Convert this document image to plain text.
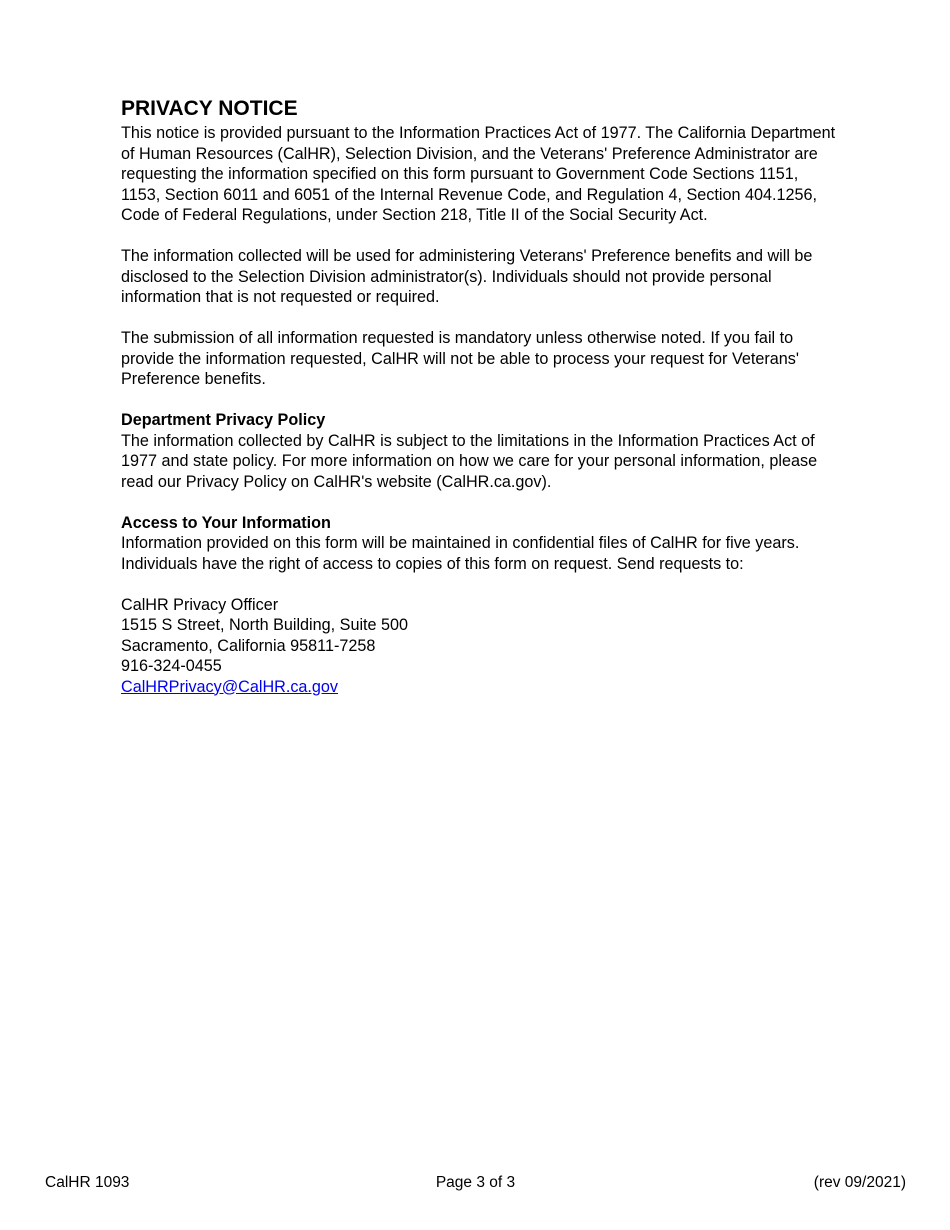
PRIVACY NOTICE

This notice is provided pursuant to the Information Practices Act of 1977. The California Department of Human Resources (CalHR), Selection Division, and the Veterans' Preference Administrator are requesting the information specified on this form pursuant to Government Code Sections 1151, 1153, Section 6011 and 6051 of the Internal Revenue Code, and Regulation 4, Section 404.1256, Code of Federal Regulations, under Section 218, Title II of the Social Security Act.

The information collected will be used for administering Veterans' Preference benefits and will be disclosed to the Selection Division administrator(s). Individuals should not provide personal information that is not requested or required.

The submission of all information requested is mandatory unless otherwise noted. If you fail to provide the information requested, CalHR will not be able to process your request for Veterans' Preference benefits.

Department Privacy Policy

The information collected by CalHR is subject to the limitations in the Information Practices Act of 1977 and state policy. For more information on how we care for your personal information, please read our Privacy Policy on CalHR's website (CalHR.ca.gov).

Access to Your Information

Information provided on this form will be maintained in confidential files of CalHR for five years. Individuals have the right of access to copies of this form on request. Send requests to:

CalHR Privacy Officer
1515 S Street, North Building, Suite 500
Sacramento, California 95811-7258
916-324-0455
CalHRPrivacy@CalHR.ca.gov
CalHR 1093	Page 3 of 3	(rev 09/2021)
